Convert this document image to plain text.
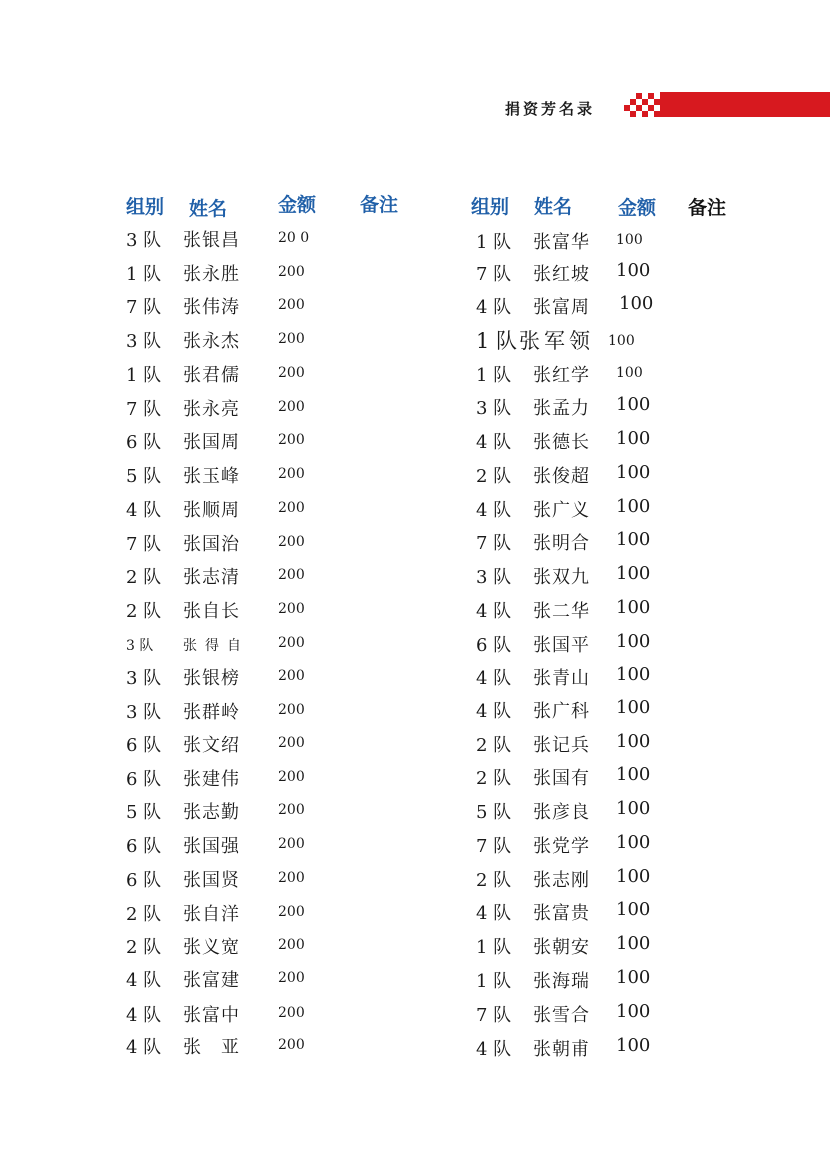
捐资芳名录
组别 姓名	金额 备注	组别 姓名 金额 备注
3 队 张银昌	20 0
1 队 张永胜	200
7 队 张伟涛	200
3 队 张永杰	200
1 队 张君儒	200
7 队 张永亮	200
6 队 张国周	200
5 队 张玉峰	200
4 队 张顺周	200
7 队 张国治	200
2 队 张志清	200
2 队 张自长	200
3 队 张得自 200
3 队 张银榜	200
3 队 张群岭	200
6 队 张文绍	200
6 队 张建伟	200
5 队 张志勤	200
6 队 张国强	200
6 队 张国贤	200
2 队 张自洋	200
2 队 张义宽	200
4 队 张富建	200
4 队 张富中	200
4 队 张亚 200
1 队 张富华 100
7 队 张红坡 100
4 队 张富周 100
1 队 张军领 100
1 队 张红学 100
3 队 张孟力 100
4 队 张德长 100
2 队 张俊超 100
4 队 张广义 100
7 队 张明合 100
3 队 张双九 100
4 队 张二华 100
6 队 张国平 100
4 队 张青山 100
4 队 张广科 100
2 队 张记兵 100
2 队 张国有 100
5 队 张彦良 100
7 队 张党学 100
2 队 张志刚 100
4 队 张富贵 100
1 队 张朝安 100
1 队 张海瑞 100
7 队 张雪合 100
4 队 张朝甫 100
